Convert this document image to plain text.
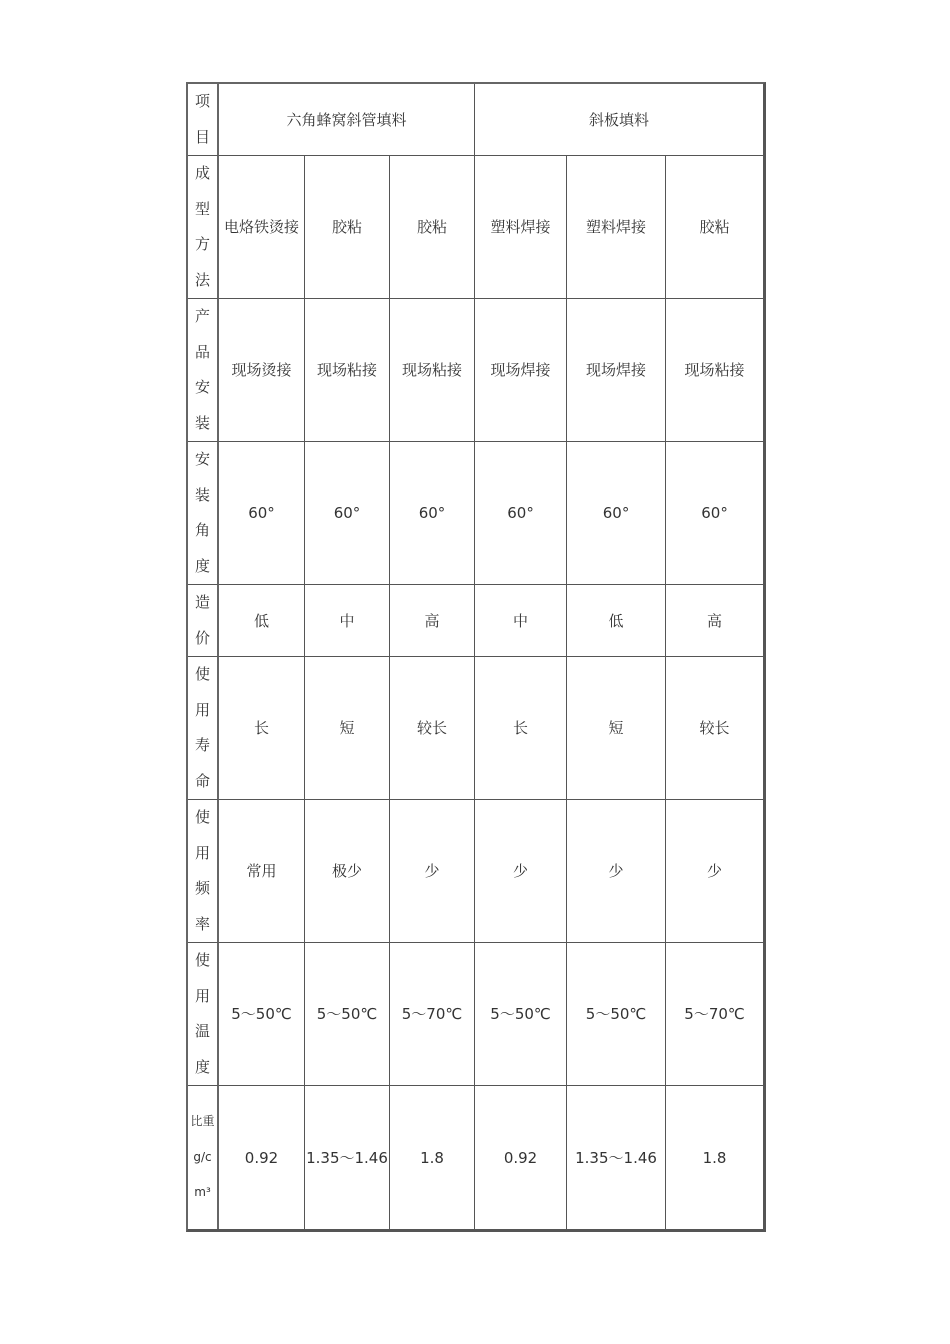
项目	六角蜂窝斜管填料			斜板填料		

成型方法	电烙铁烫接	胶粘	胶粘	塑料焊接	塑料焊接	胶粘

产品安装	现场烫接	现场粘接	现场粘接	现场焊接	现场焊接	现场粘接

安装角度	60°	60°	60°	60°	60°	60°

造价	低	中	高	中	低	高

使用寿命	长	短	较长	长	短	较长

使用频率	常用	极少	少	少	少	少

使用温度	5～50℃	5～50℃	5～70℃	5～50℃	5～50℃	5～70℃

比重g/cm³	0.92	1.35～1.46	1.8	0.92	1.35～1.46	1.8
